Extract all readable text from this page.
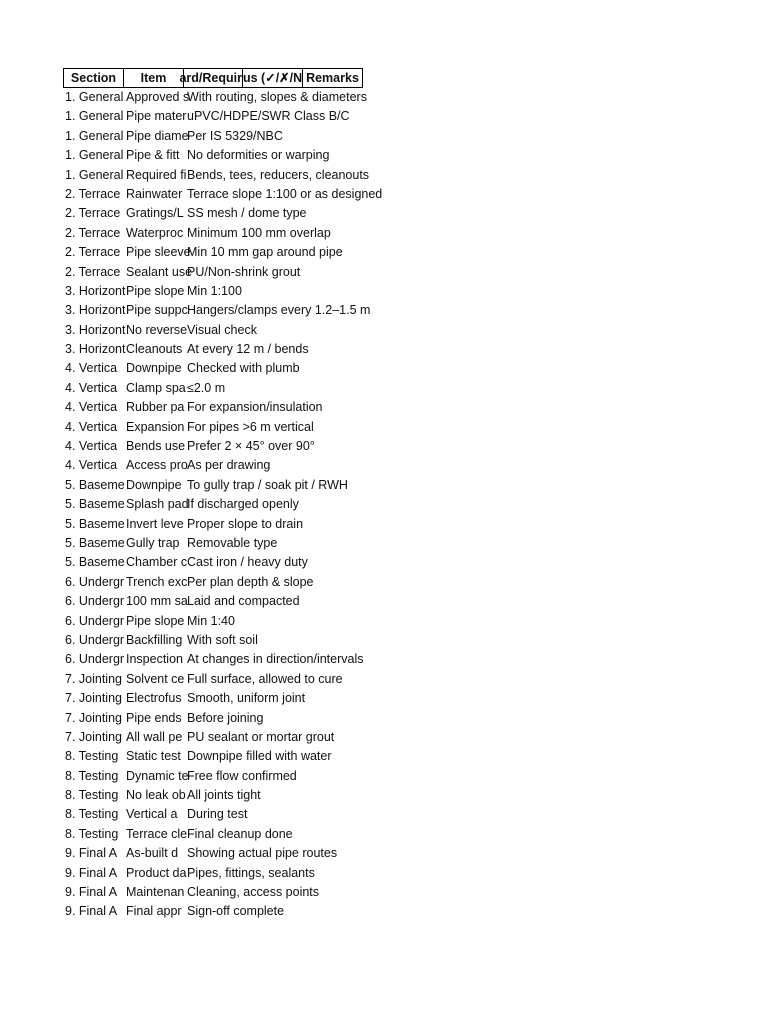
Section	Item	ard/Requir us (✓/✗/N Remarks
1. General Approved s
With routing, slopes & diameters
1. General Pipe mater uPVC/HDPE/SWR Class B/C
1. General Pipe diame
Per IS 5329/NBC
1. General Pipe & fitt No deformities or warping
1. General Required fi Bends, tees, reducers, cleanouts
2. Terrace Rainwater Terrace slope 1:100 or as designed
2. Terrace Gratings/L SS mesh / dome type
2. Terrace Waterproc Minimum 100 mm overlap
2. Terrace Pipe sleeve
Min 10 mm gap around pipe
2. Terrace Sealant use
PU/Non-shrink grout
3. Horizont Pipe slope Min 1:100
3. Horizont Pipe suppc Hangers/clamps every 1.2–1.5 m
3. Horizont No reverse Visual check
3. Horizont Cleanouts At every 12 m / bends
4. Vertica Downpipe Checked with plumb
4. Vertica Clamp spa ≤2.0 m
4. Vertica Rubber pa For expansion/insulation
4. Vertica Expansion For pipes >6 m vertical
4. Vertica Bends use Prefer 2 × 45° over 90°
4. Vertica Access pro As per drawing
5. Baseme Downpipe To gully trap / soak pit / RWH
5. Baseme Splash pad
If discharged openly
5. Baseme Invert leve Proper slope to drain
5. Baseme Gully trap Removable type
5. Baseme Chamber c Cast iron / heavy duty
6. Undergr Trench exc Per plan depth & slope
6. Undergr 100 mm sa Laid and compacted
6. Undergr Pipe slope Min 1:40
6. Undergr Backfilling With soft soil
6. Undergr Inspection At changes in direction/intervals
7. Jointing Solvent ce Full surface, allowed to cure
7. Jointing Electrofus Smooth, uniform joint
7. Jointing Pipe ends Before joining
7. Jointing All wall pe PU sealant or mortar grout
8. Testing Static test Downpipe filled with water
8. Testing Dynamic te
Free flow confirmed
8. Testing No leak ob All joints tight
8. Testing Vertical a During test
8. Testing Terrace cle Final cleanup done
9. Final A As-built d Showing actual pipe routes
9. Final A Product da Pipes, fittings, sealants
9. Final A Maintenan Cleaning, access points
9. Final A Final appr Sign-off complete
